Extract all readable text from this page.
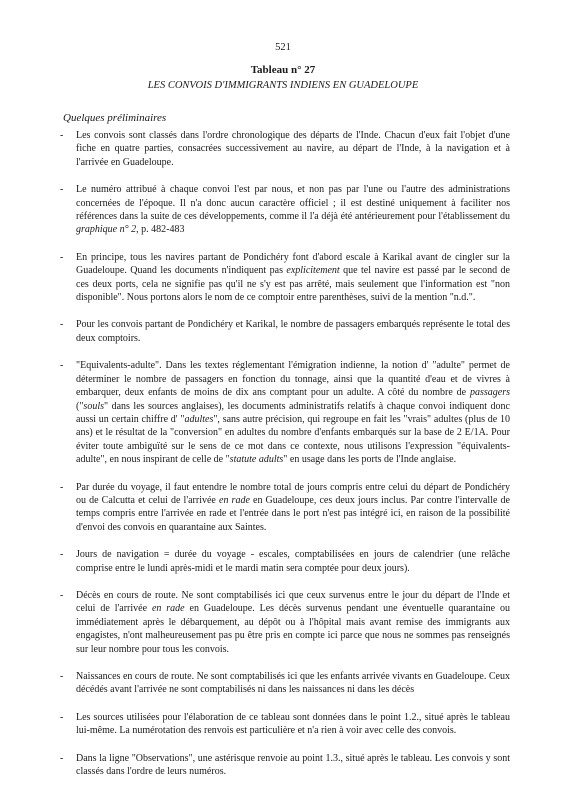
521
Tableau n° 27
LES CONVOIS D'IMMIGRANTS INDIENS EN GUADELOUPE
Quelques préliminaires
- Les convois sont classés dans l'ordre chronologique des départs de l'Inde. Chacun d'eux fait l'objet d'une fiche en quatre parties, consacrées successivement au navire, au départ de l'Inde, à la navigation et à l'arrivée en Guadeloupe.
- Le numéro attribué à chaque convoi l'est par nous, et non pas par l'une ou l'autre des administrations concernées de l'époque. Il n'a donc aucun caractère officiel ; il est destiné uniquement à faciliter nos références dans la suite de ces développements, comme il l'a déjà été antérieurement pour l'établissement du graphique n° 2, p. 482-483
- En principe, tous les navires partant de Pondichéry font d'abord escale à Karikal avant de cingler sur la Guadeloupe. Quand les documents n'indiquent pas explicitement que tel navire est passé par le second de ces deux ports, cela ne signifie pas qu'il ne s'y est pas arrêté, mais seulement que l'information est "non disponible". Nous portons alors le nom de ce comptoir entre parenthèses, suivi de la mention "n.d.".
- Pour les convois partant de Pondichéry et Karikal, le nombre de passagers embarqués représente le total des deux comptoirs.
- "Equivalents-adulte". Dans les textes réglementant l'émigration indienne, la notion d' "adulte" permet de déterminer le nombre de passagers en fonction du tonnage, ainsi que la quantité d'eau et de vivres à embarquer, deux enfants de moins de dix ans comptant pour un adulte. A côté du nombre de passagers ("souls" dans les sources anglaises), les documents administratifs relatifs à chaque convoi indiquent donc aussi un certain chiffre d' "adultes", sans autre précision, qui regroupe en fait les "vrais" adultes (plus de 10 ans) et le résultat de la "conversion" en adultes du nombre d'enfants embarqués sur la base de 2 E/1A. Pour éviter toute ambiguïté sur le sens de ce mot dans ce contexte, nous utilisons l'expression "équivalents-adulte", en nous inspirant de celle de "statute adults" en usage dans les ports de l'Inde anglaise.
- Par durée du voyage, il faut entendre le nombre total de jours compris entre celui du départ de Pondichéry ou de Calcutta et celui de l'arrivée en rade en Guadeloupe, ces deux jours inclus. Par contre l'intervalle de temps compris entre l'arrivée en rade et l'entrée dans le port n'est pas intégré ici, en raison de la possibilité d'envoi des convois en quarantaine aux Saintes.
- Jours de navigation = durée du voyage - escales, comptabilisées en jours de calendrier (une relâche comprise entre le lundi après-midi et le mardi matin sera comptée pour deux jours).
- Décès en cours de route. Ne sont comptabilisés ici que ceux survenus entre le jour du départ de l'Inde et celui de l'arrivée en rade en Guadeloupe. Les décès survenus pendant une éventuelle quarantaine ou immédiatement après le débarquement, au dépôt ou à l'hôpital mais avant remise des immigrants aux engagistes, n'ont malheureusement pas pu être pris en compte ici parce que nous ne sommes pas renseignés sur leur nombre pour tous les convois.
- Naissances en cours de route. Ne sont comptabilisés ici que les enfants arrivée vivants en Guadeloupe. Ceux décédés avant l'arrivée ne sont comptabilisés ni dans les naissances ni dans les décès
- Les sources utilisées pour l'élaboration de ce tableau sont données dans le point 1.2., situé après le tableau lui-même. La numérotation des renvois est particulière et n'a rien à voir avec celle des convois.
- Dans la ligne "Observations", une astérisque renvoie au point 1.3., situé après le tableau. Les convois y sont classés dans l'ordre de leurs numéros.
